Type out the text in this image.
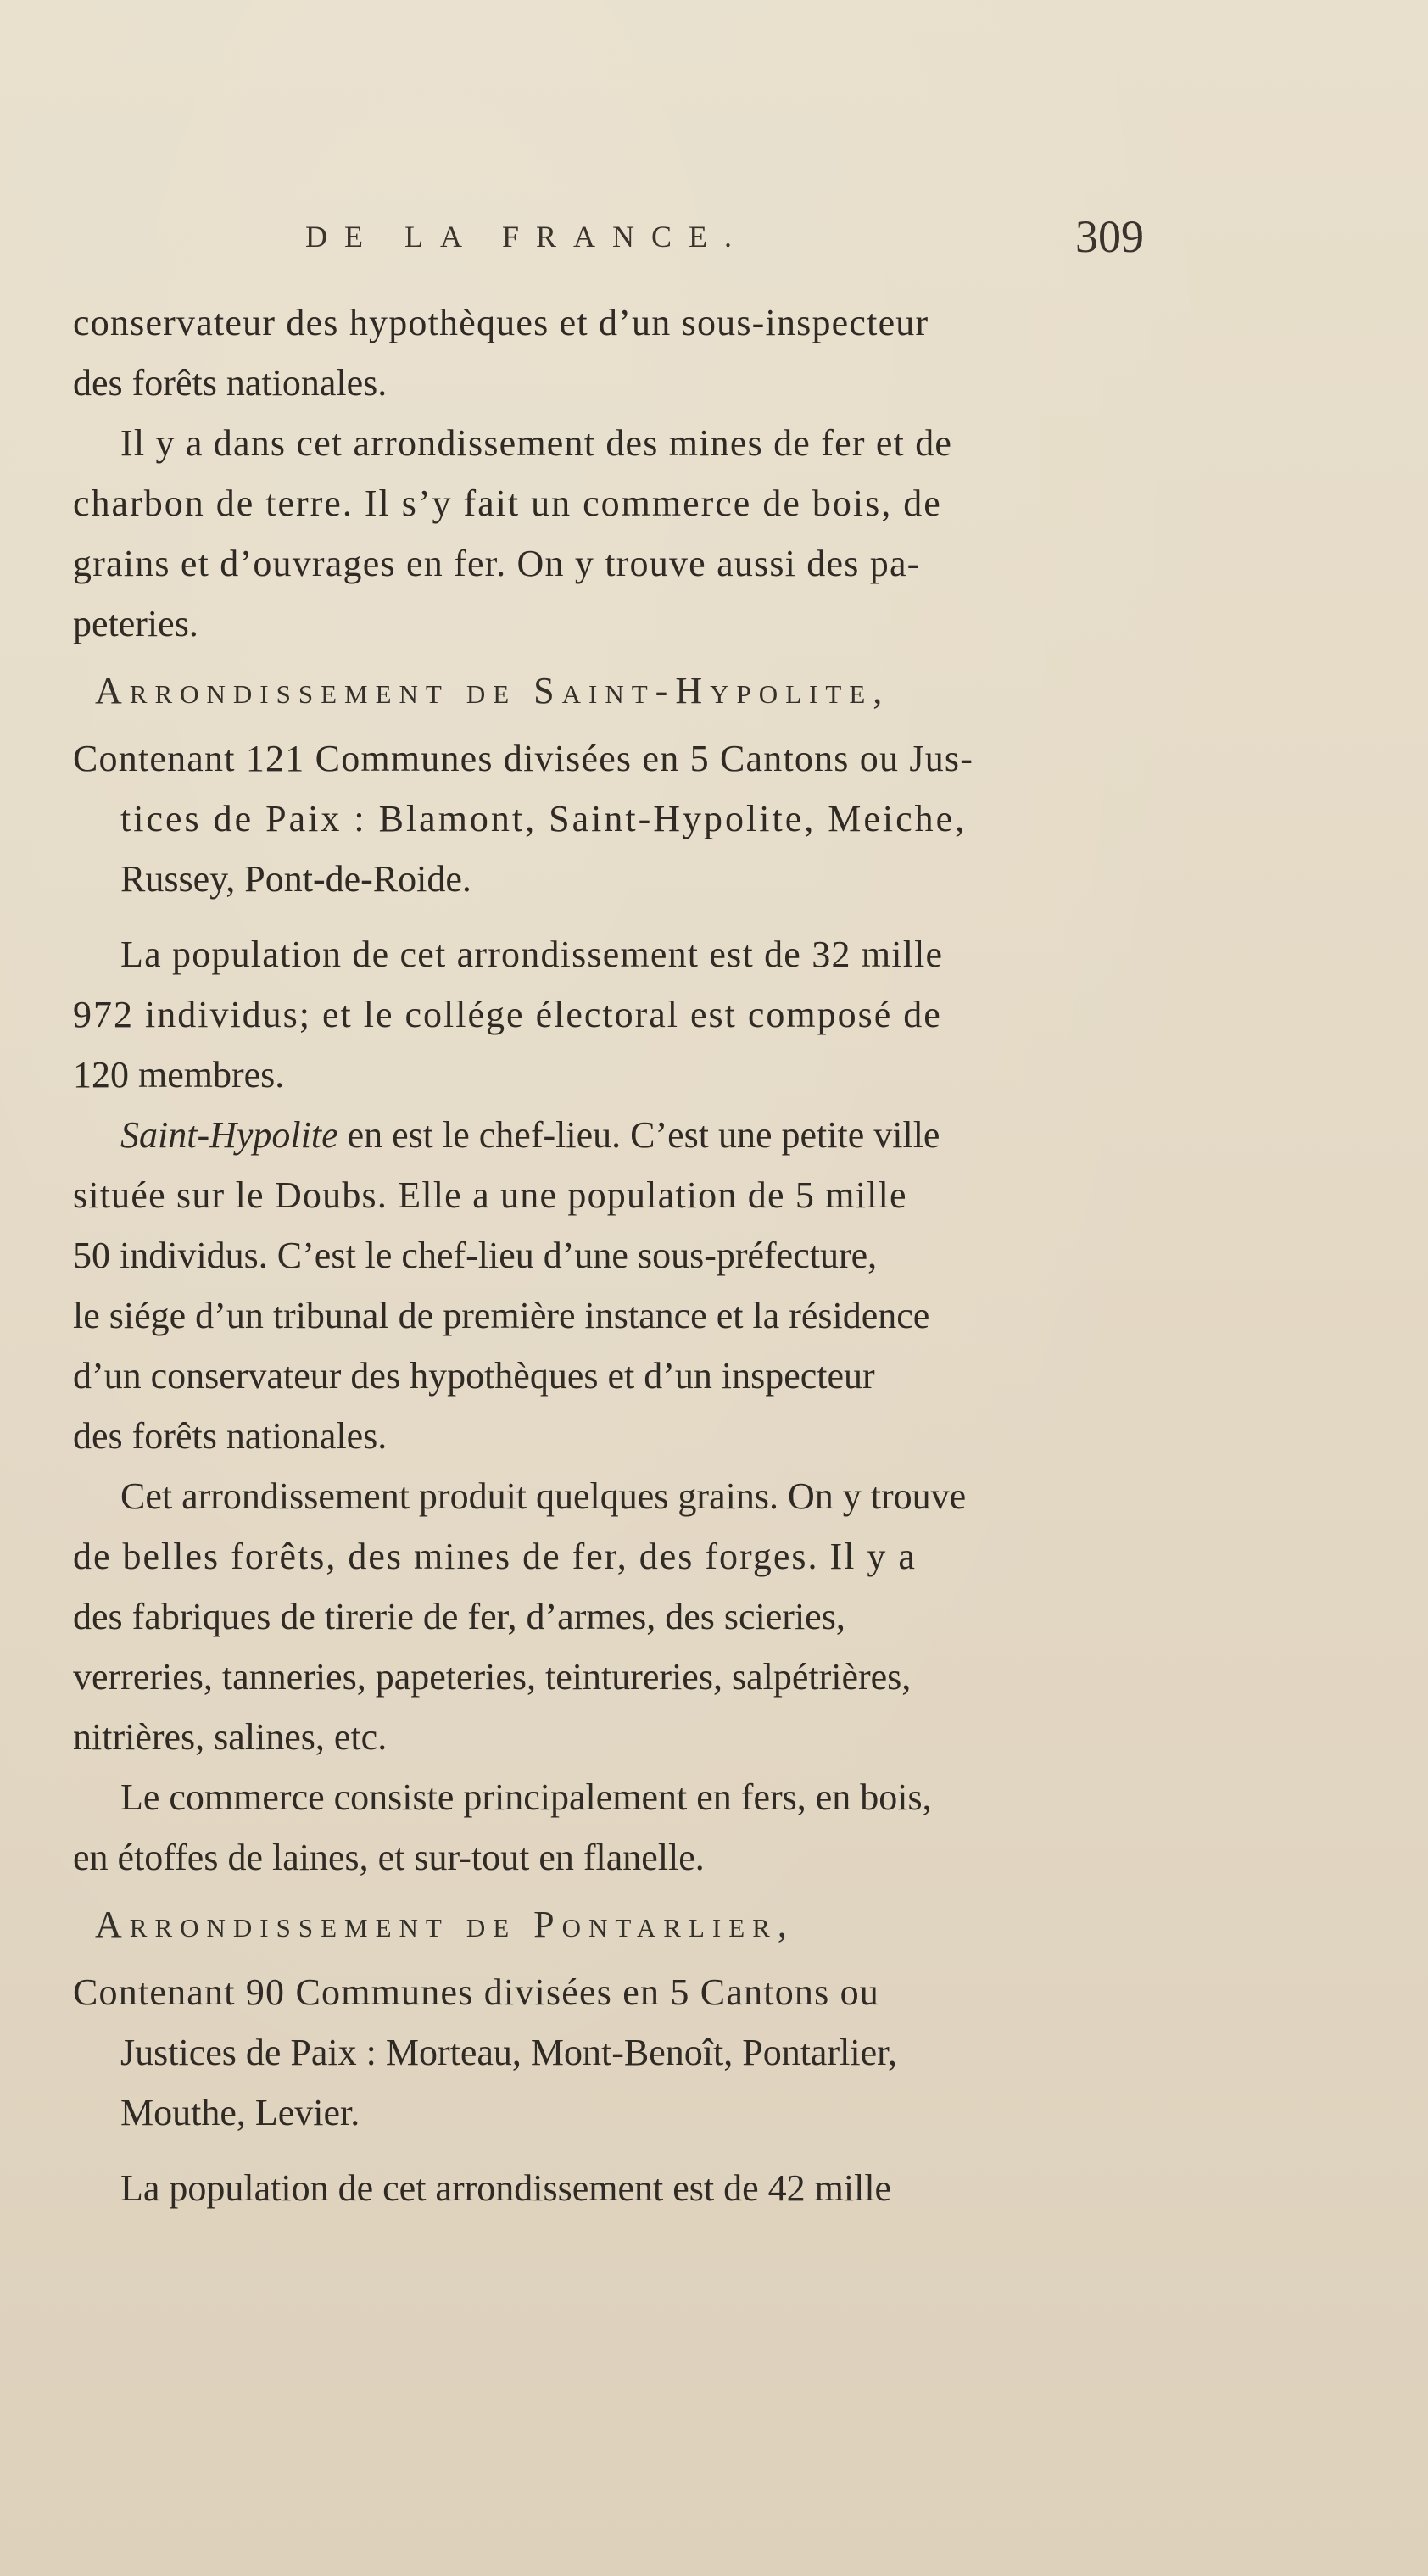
DE LA FRANCE.	309
conservateur des hypothèques et d’un sous-inspecteur
des forêts nationales.
Il y a dans cet arrondissement des mines de fer et de
charbon de terre. Il s’y fait un commerce de bois, de
grains et d’ouvrages en fer. On y trouve aussi des pa-
peteries.
Arrondissement de Saint-Hypolite,
Contenant 121 Communes divisées en 5 Cantons ou Jus-
tices de Paix : Blamont, Saint-Hypolite, Meiche,
Russey, Pont-de-Roide.
La population de cet arrondissement est de 32 mille
972 individus; et le collége électoral est composé de
120 membres.
Saint-Hypolite en est le chef-lieu. C’est une petite ville
située sur le Doubs. Elle a une population de 5 mille
50 individus. C’est le chef-lieu d’une sous-préfecture,
le siége d’un tribunal de première instance et la résidence
d’un conservateur des hypothèques et d’un inspecteur
des forêts nationales.
Cet arrondissement produit quelques grains. On y trouve
de belles forêts, des mines de fer, des forges. Il y a
des fabriques de tirerie de fer, d’armes, des scieries,
verreries, tanneries, papeteries, teintureries, salpétrières,
nitrières, salines, etc.
Le commerce consiste principalement en fers, en bois,
en étoffes de laines, et sur-tout en flanelle.
Arrondissement de Pontarlier,
Contenant 90 Communes divisées en 5 Cantons ou
Justices de Paix : Morteau, Mont-Benoît, Pontarlier,
Mouthe, Levier.
La population de cet arrondissement est de 42 mille
